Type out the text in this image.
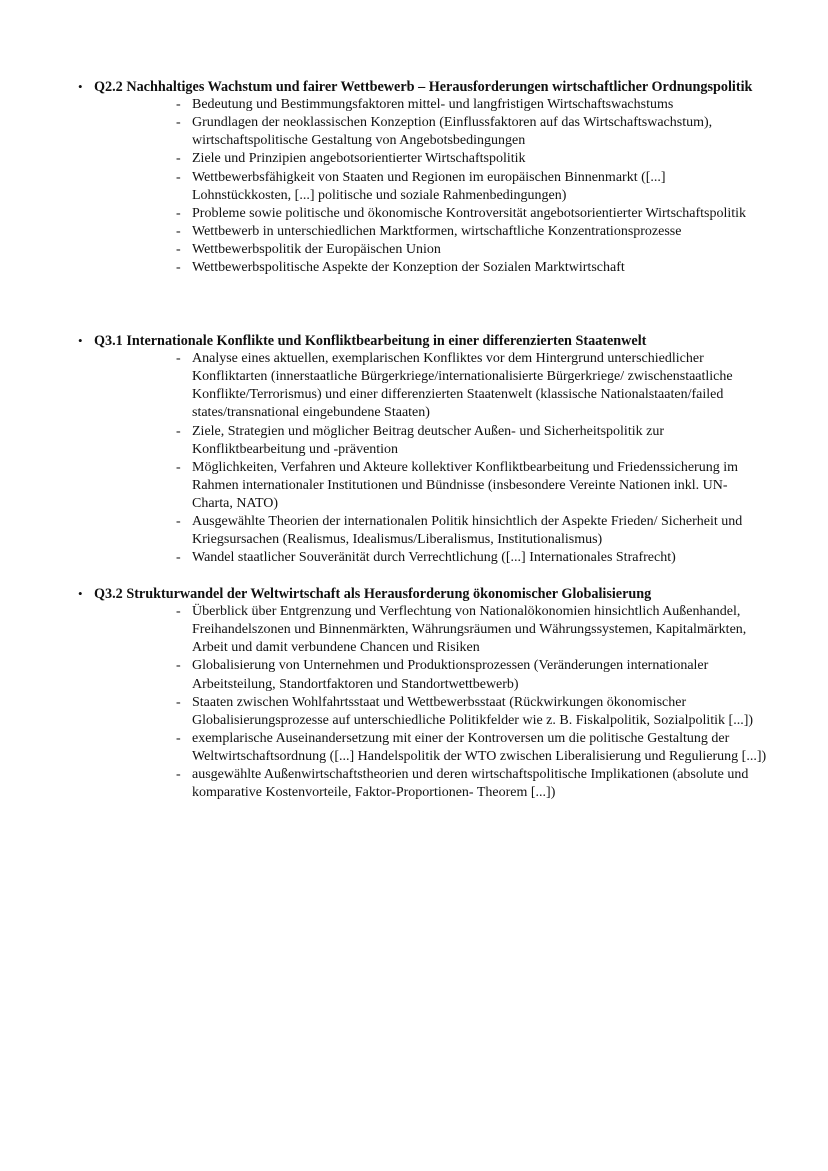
• Q2.2 Nachhaltiges Wachstum und fairer Wettbewerb – Herausforderungen wirtschaftlicher Ordnungspolitik
- Bedeutung und Bestimmungsfaktoren mittel- und langfristigen Wirtschaftswachstums
- Grundlagen der neoklassischen Konzeption (Einflussfaktoren auf das Wirtschaftswachstum), wirtschaftspolitische Gestaltung von Angebotsbedingungen
- Ziele und Prinzipien angebotsorientierter Wirtschaftspolitik
- Wettbewerbsfähigkeit von Staaten und Regionen im europäischen Binnenmarkt ([...] Lohnstückkosten, [...] politische und soziale Rahmenbedingungen)
- Probleme sowie politische und ökonomische Kontroversität angebotsorientierter Wirtschaftspolitik
- Wettbewerb in unterschiedlichen Marktformen, wirtschaftliche Konzentrationsprozesse
- Wettbewerbspolitik der Europäischen Union
- Wettbewerbspolitische Aspekte der Konzeption der Sozialen Marktwirtschaft
• Q3.1 Internationale Konflikte und Konfliktbearbeitung in einer differenzierten Staatenwelt
- Analyse eines aktuellen, exemplarischen Konfliktes vor dem Hintergrund unterschiedlicher Konfliktarten (innerstaatliche Bürgerkriege/internationalisierte Bürgerkriege/ zwischenstaatliche Konflikte/Terrorismus) und einer differenzierten Staatenwelt (klassische Nationalstaaten/failed states/transnational eingebundene Staaten)
- Ziele, Strategien und möglicher Beitrag deutscher Außen- und Sicherheitspolitik zur Konfliktbearbeitung und -prävention
- Möglichkeiten, Verfahren und Akteure kollektiver Konfliktbearbeitung und Friedenssicherung im Rahmen internationaler Institutionen und Bündnisse (insbesondere Vereinte Nationen inkl. UN-Charta, NATO)
- Ausgewählte Theorien der internationalen Politik hinsichtlich der Aspekte Frieden/ Sicherheit und Kriegsursachen (Realismus, Idealismus/Liberalismus, Institutionalismus)
- Wandel staatlicher Souveränität durch Verrechtlichung ([...] Internationales Strafrecht)
• Q3.2 Strukturwandel der Weltwirtschaft als Herausforderung ökonomischer Globalisierung
- Überblick über Entgrenzung und Verflechtung von Nationalökonomien hinsichtlich Außenhandel, Freihandelszonen und Binnenmärkten, Währungsräumen und Währungssystemen, Kapitalmärkten, Arbeit und damit verbundene Chancen und Risiken
- Globalisierung von Unternehmen und Produktionsprozessen (Veränderungen internationaler Arbeitsteilung, Standortfaktoren und Standortwettbewerb)
- Staaten zwischen Wohlfahrtsstaat und Wettbewerbsstaat (Rückwirkungen ökonomischer Globalisierungsprozesse auf unterschiedliche Politikfelder wie z. B. Fiskalpolitik, Sozialpolitik [...])
- exemplarische Auseinandersetzung mit einer der Kontroversen um die politische Gestaltung der Weltwirtschaftsordnung ([...] Handelspolitik der WTO zwischen Liberalisierung und Regulierung [...])
- ausgewählte Außenwirtschaftstheorien und deren wirtschaftspolitische Implikationen (absolute und komparative Kostenvorteile, Faktor-Proportionen- Theorem [...])
